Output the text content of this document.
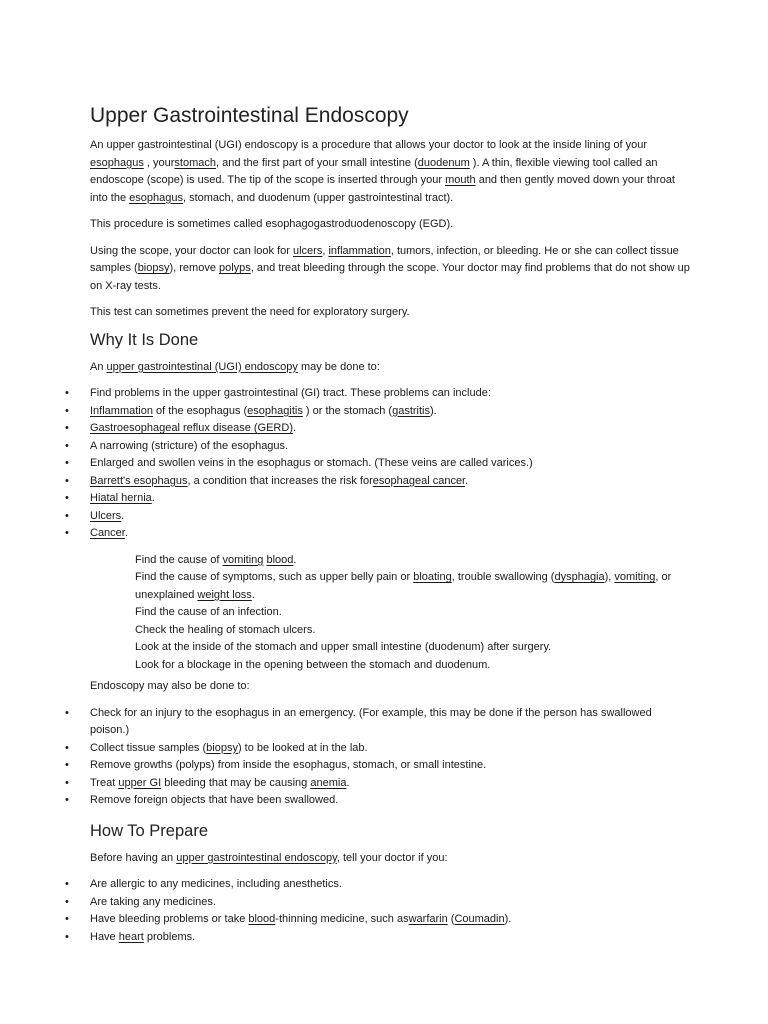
Upper Gastrointestinal Endoscopy

An upper gastrointestinal (UGI) endoscopy is a procedure that allows your doctor to look at the inside lining of your esophagus , yourstomach, and the first part of your small intestine (duodenum ). A thin, flexible viewing tool called an endoscope (scope) is used. The tip of the scope is inserted through your mouth and then gently moved down your throat into the esophagus, stomach, and duodenum (upper gastrointestinal tract).

This procedure is sometimes called esophagogastroduodenoscopy (EGD).

Using the scope, your doctor can look for ulcers, inflammation, tumors, infection, or bleeding. He or she can collect tissue samples (biopsy), remove polyps, and treat bleeding through the scope. Your doctor may find problems that do not show up on X-ray tests.

This test can sometimes prevent the need for exploratory surgery.

Why It Is Done

An upper gastrointestinal (UGI) endoscopy may be done to:

• Find problems in the upper gastrointestinal (GI) tract. These problems can include:
• Inflammation of the esophagus (esophagitis ) or the stomach (gastritis).
• Gastroesophageal reflux disease (GERD).
• A narrowing (stricture) of the esophagus.
• Enlarged and swollen veins in the esophagus or stomach. (These veins are called varices.)
• Barrett's esophagus, a condition that increases the risk foresophageal cancer.
• Hiatal hernia.
• Ulcers.
• Cancer.
Find the cause of vomiting blood.
Find the cause of symptoms, such as upper belly pain or bloating, trouble swallowing (dysphagia), vomiting, or unexplained weight loss.
Find the cause of an infection.
Check the healing of stomach ulcers.
Look at the inside of the stomach and upper small intestine (duodenum) after surgery.
Look for a blockage in the opening between the stomach and duodenum.

Endoscopy may also be done to:

• Check for an injury to the esophagus in an emergency. (For example, this may be done if the person has swallowed poison.)
• Collect tissue samples (biopsy) to be looked at in the lab.
• Remove growths (polyps) from inside the esophagus, stomach, or small intestine.
• Treat upper GI bleeding that may be causing anemia.
• Remove foreign objects that have been swallowed.
How To Prepare

Before having an upper gastrointestinal endoscopy, tell your doctor if you:

• Are allergic to any medicines, including anesthetics.
• Are taking any medicines.
• Have bleeding problems or take blood-thinning medicine, such aswarfarin (Coumadin).
• Have heart problems.
